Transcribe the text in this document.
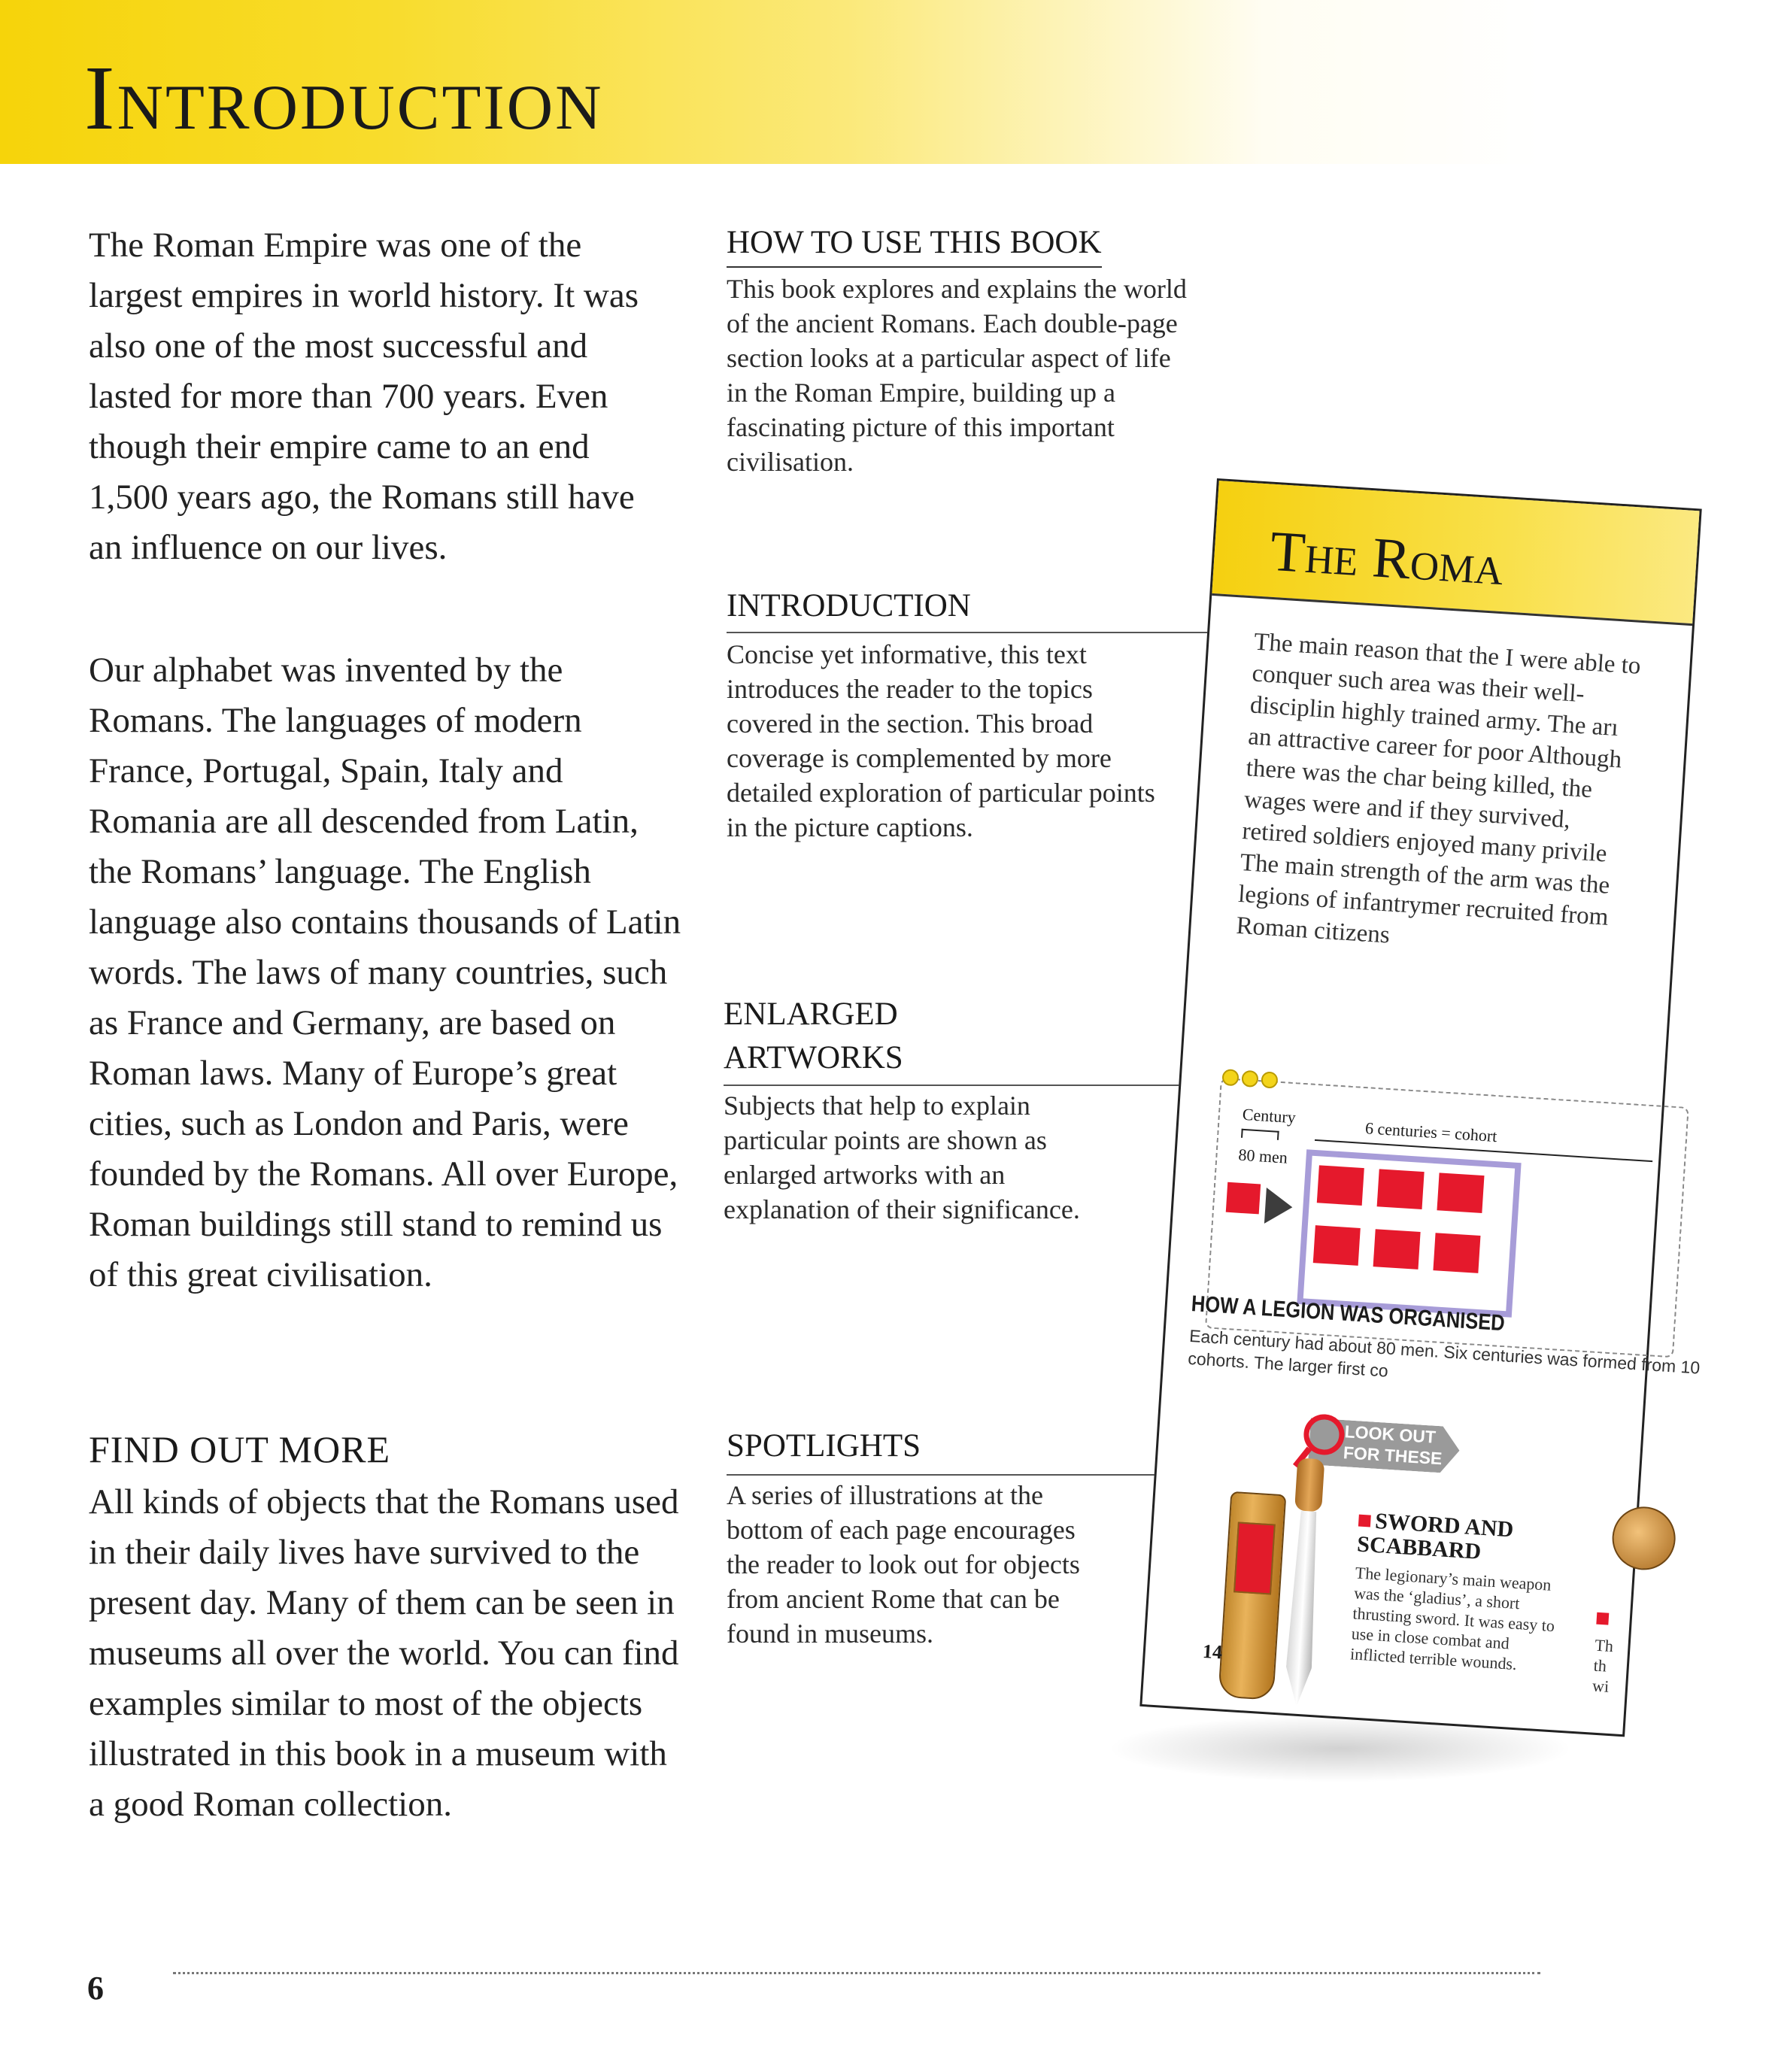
Introduction
The Roman Empire was one of the largest empires in world history. It was also one of the most successful and lasted for more than 700 years. Even though their empire came to an end 1,500 years ago, the Romans still have an influence on our lives.
Our alphabet was invented by the Romans. The languages of modern France, Portugal, Spain, Italy and Romania are all descended from Latin, the Romans’ language. The English language also contains thousands of Latin words. The laws of many countries, such as France and Germany, are based on Roman laws. Many of Europe’s great cities, such as London and Paris, were founded by the Romans. All over Europe, Roman buildings still stand to remind us of this great civilisation.
FIND OUT MORE
All kinds of objects that the Romans used in their daily lives have survived to the present day. Many of them can be seen in museums all over the world. You can find examples similar to most of the objects illustrated in this book in a museum with a good Roman collection.
HOW TO USE THIS BOOK
This book explores and explains the world of the ancient Romans. Each double-page section looks at a particular aspect of life in the Roman Empire, building up a fascinating picture of this important civilisation.
INTRODUCTION
Concise yet informative, this text introduces the reader to the topics covered in the section. This broad coverage is complemented by more detailed exploration of particular points in the picture captions.
ENLARGED ARTWORKS
Subjects that help to explain particular points are shown as enlarged artworks with an explanation of their significance.
SPOTLIGHTS
A series of illustrations at the bottom of each page encourages the reader to look out for objects from ancient Rome that can be found in museums.
The Roma
The main reason that the I were able to conquer such area was their well-disciplin highly trained army. The arı an attractive career for poor Although there was the char being killed, the wages were and if they survived, retired soldiers enjoyed many privile The main strength of the arm was the legions of infantrymer recruited from Roman citizens
Century
80 men
6 centuries = cohort
HOW A LEGION WAS ORGANISED
Each century had about 80 men. Six centuries was formed from 10 cohorts. The larger first co
LOOK OUT
FOR THESE
14
SWORD AND SCABBARD
The legionary’s main weapon was the ‘gladius’, a short thrusting sword. It was easy to use in close combat and inflicted terrible wounds.	Th th wi
6
